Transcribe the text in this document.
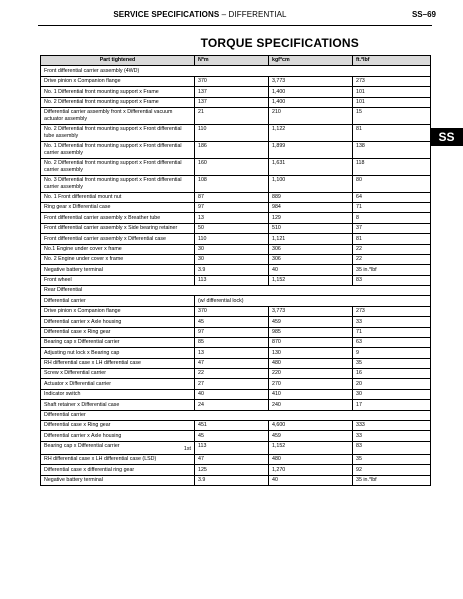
SERVICE SPECIFICATIONS – DIFFERENTIAL	SS–69
TORQUE SPECIFICATIONS
SS
Part tightened	N*m	kgf*cm	ft.*lbf
Front differential carrier assembly (4WD)			
Drive pinion x Companion flange	370	3,773	273
No. 1 Differential front mounting support x Frame	137	1,400	101
No. 2 Differential front mounting support x Frame	137	1,400	101
Differential carrier assembly front x Differential vacuum actuator assembly	21	210	15
No. 2 Differential front mounting support x Front differential tube assembly	110	1,122	81
No. 1 Differential front mounting support x Front differential carrier assembly	186	1,899	138
No. 2 Differential front mounting support x Front differential carrier assembly	160	1,631	118
No. 3 Differential front mounting support x Front differential carrier assembly	108	1,100	80
No. 1 Front differential mount nut	87	889	64
Ring gear x Differential case	97	984	71
Front differential carrier assembly x Breather tube	13	129	8
Front differential carrier assembly x Side bearing retainer	50	510	37
Front differential carrier assembly x Differential case	110	1,121	81
No.1 Engine under cover x frame	30	306	22
No. 2 Engine under cover x frame	30	306	22
Negative battery terminal	3.9	40	35 in.*lbf
Front wheel	113	1,152	83
Rear Differential			
Differential carrier	(w/ differential lock)		
Drive pinion x Companion flange	370	3,773	273
Differential carrier x Axle housing	45	459	33
Differential case x Ring gear	97	985	71
Bearing cap x Differential carrier	85	870	63
Adjusting nut lock x Bearing cap	13	130	9
RH differential case x LH differential case	47	480	35
Screw x Differential carrier	22	220	16
Actuator x Differential carrier	27	270	20
Indicator switch	40	410	30
Shaft retainer x Differential case	24	240	17
Differential carrier			
Differential case x Ring gear	451	4,600	333
Differential carrier x Axle housing	45	459	33

Bearing cap x Differential carrier 1st	113	1,152	83
RH differential case x LH differential case (LSD)	47	480	35
Differential case x differential ring gear	125	1,270	92
Negative battery terminal	3.9	40	35 in.*lbf
